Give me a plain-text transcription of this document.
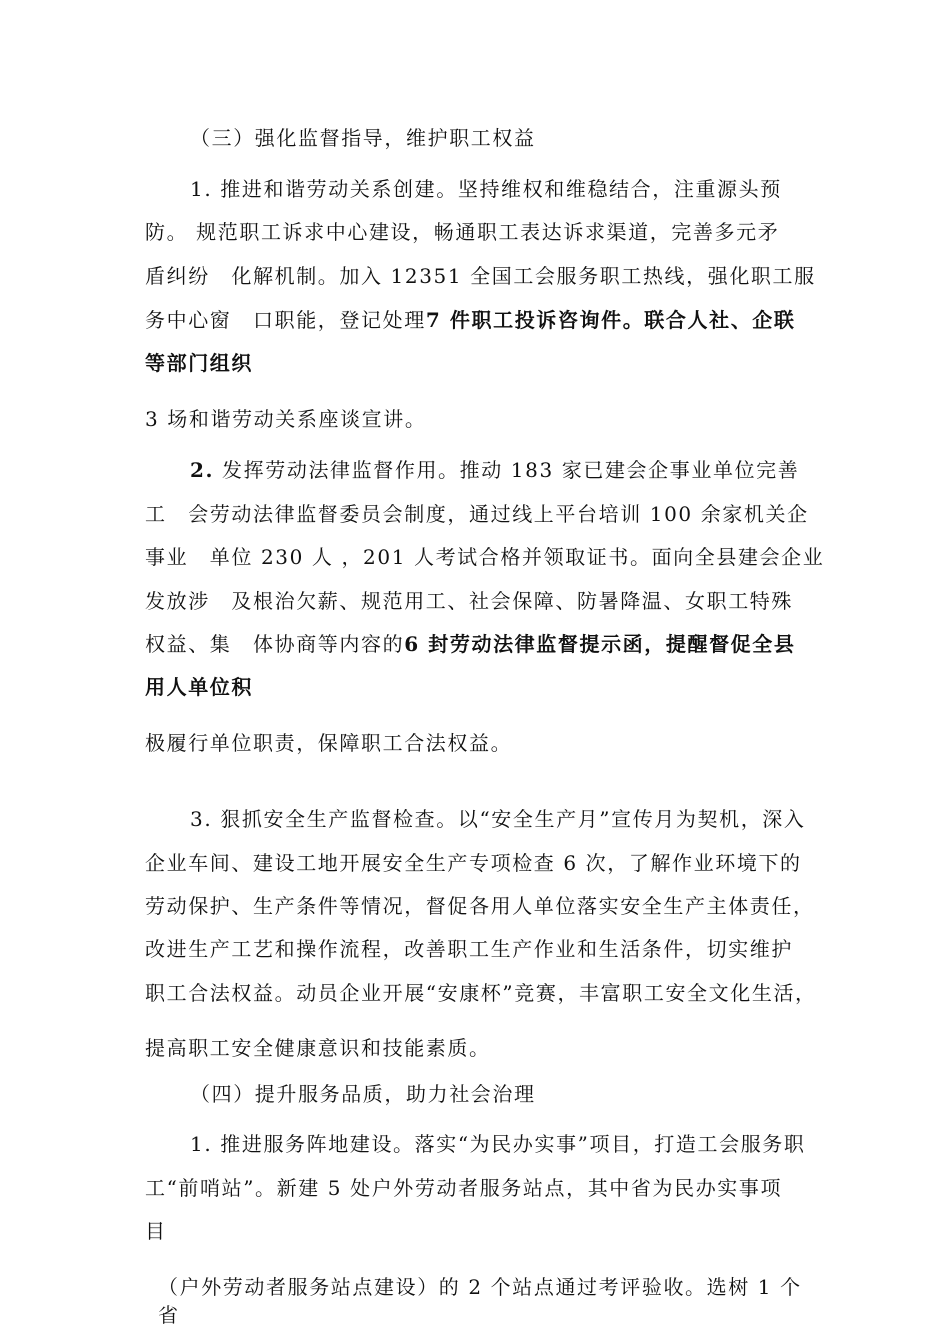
（三）强化监督指导，维护职工权益
1. 推进和谐劳动关系创建。坚持维权和维稳结合，注重源头预
防。 规范职工诉求中心建设，畅通职工表达诉求渠道，完善多元矛
盾纠纷　化解机制。加入 12351 全国工会服务职工热线，强化职工服
务中心窗　口职能，登记处理7 件职工投诉咨询件。联合人社、企联
等部门组织
3 场和谐劳动关系座谈宣讲。
2. 发挥劳动法律监督作用。推动 183 家已建会企事业单位完善
工　会劳动法律监督委员会制度，通过线上平台培训 100 余家机关企
事业　单位 230 人 ，201 人考试合格并领取证书。面向全县建会企业
发放涉　及根治欠薪、规范用工、社会保障、防暑降温、女职工特殊
权益、集　体协商等内容的6 封劳动法律监督提示函，提醒督促全县
用人单位积
极履行单位职责，保障职工合法权益。
3. 狠抓安全生产监督检查。以“安全生产月”宣传月为契机，深入
企业车间、建设工地开展安全生产专项检查 6 次，了解作业环境下的
劳动保护、生产条件等情况，督促各用人单位落实安全生产主体责任，
改进生产工艺和操作流程，改善职工生产作业和生活条件，切实维护
职工合法权益。动员企业开展“安康杯”竞赛，丰富职工安全文化生活，
提高职工安全健康意识和技能素质。
（四）提升服务品质，助力社会治理
1. 推进服务阵地建设。落实“为民办实事”项目，打造工会服务职
工“前哨站”。新建 5 处户外劳动者服务站点，其中省为民办实事项
目
（户外劳动者服务站点建设）的 2 个站点通过考评验收。选树 1 个
省
